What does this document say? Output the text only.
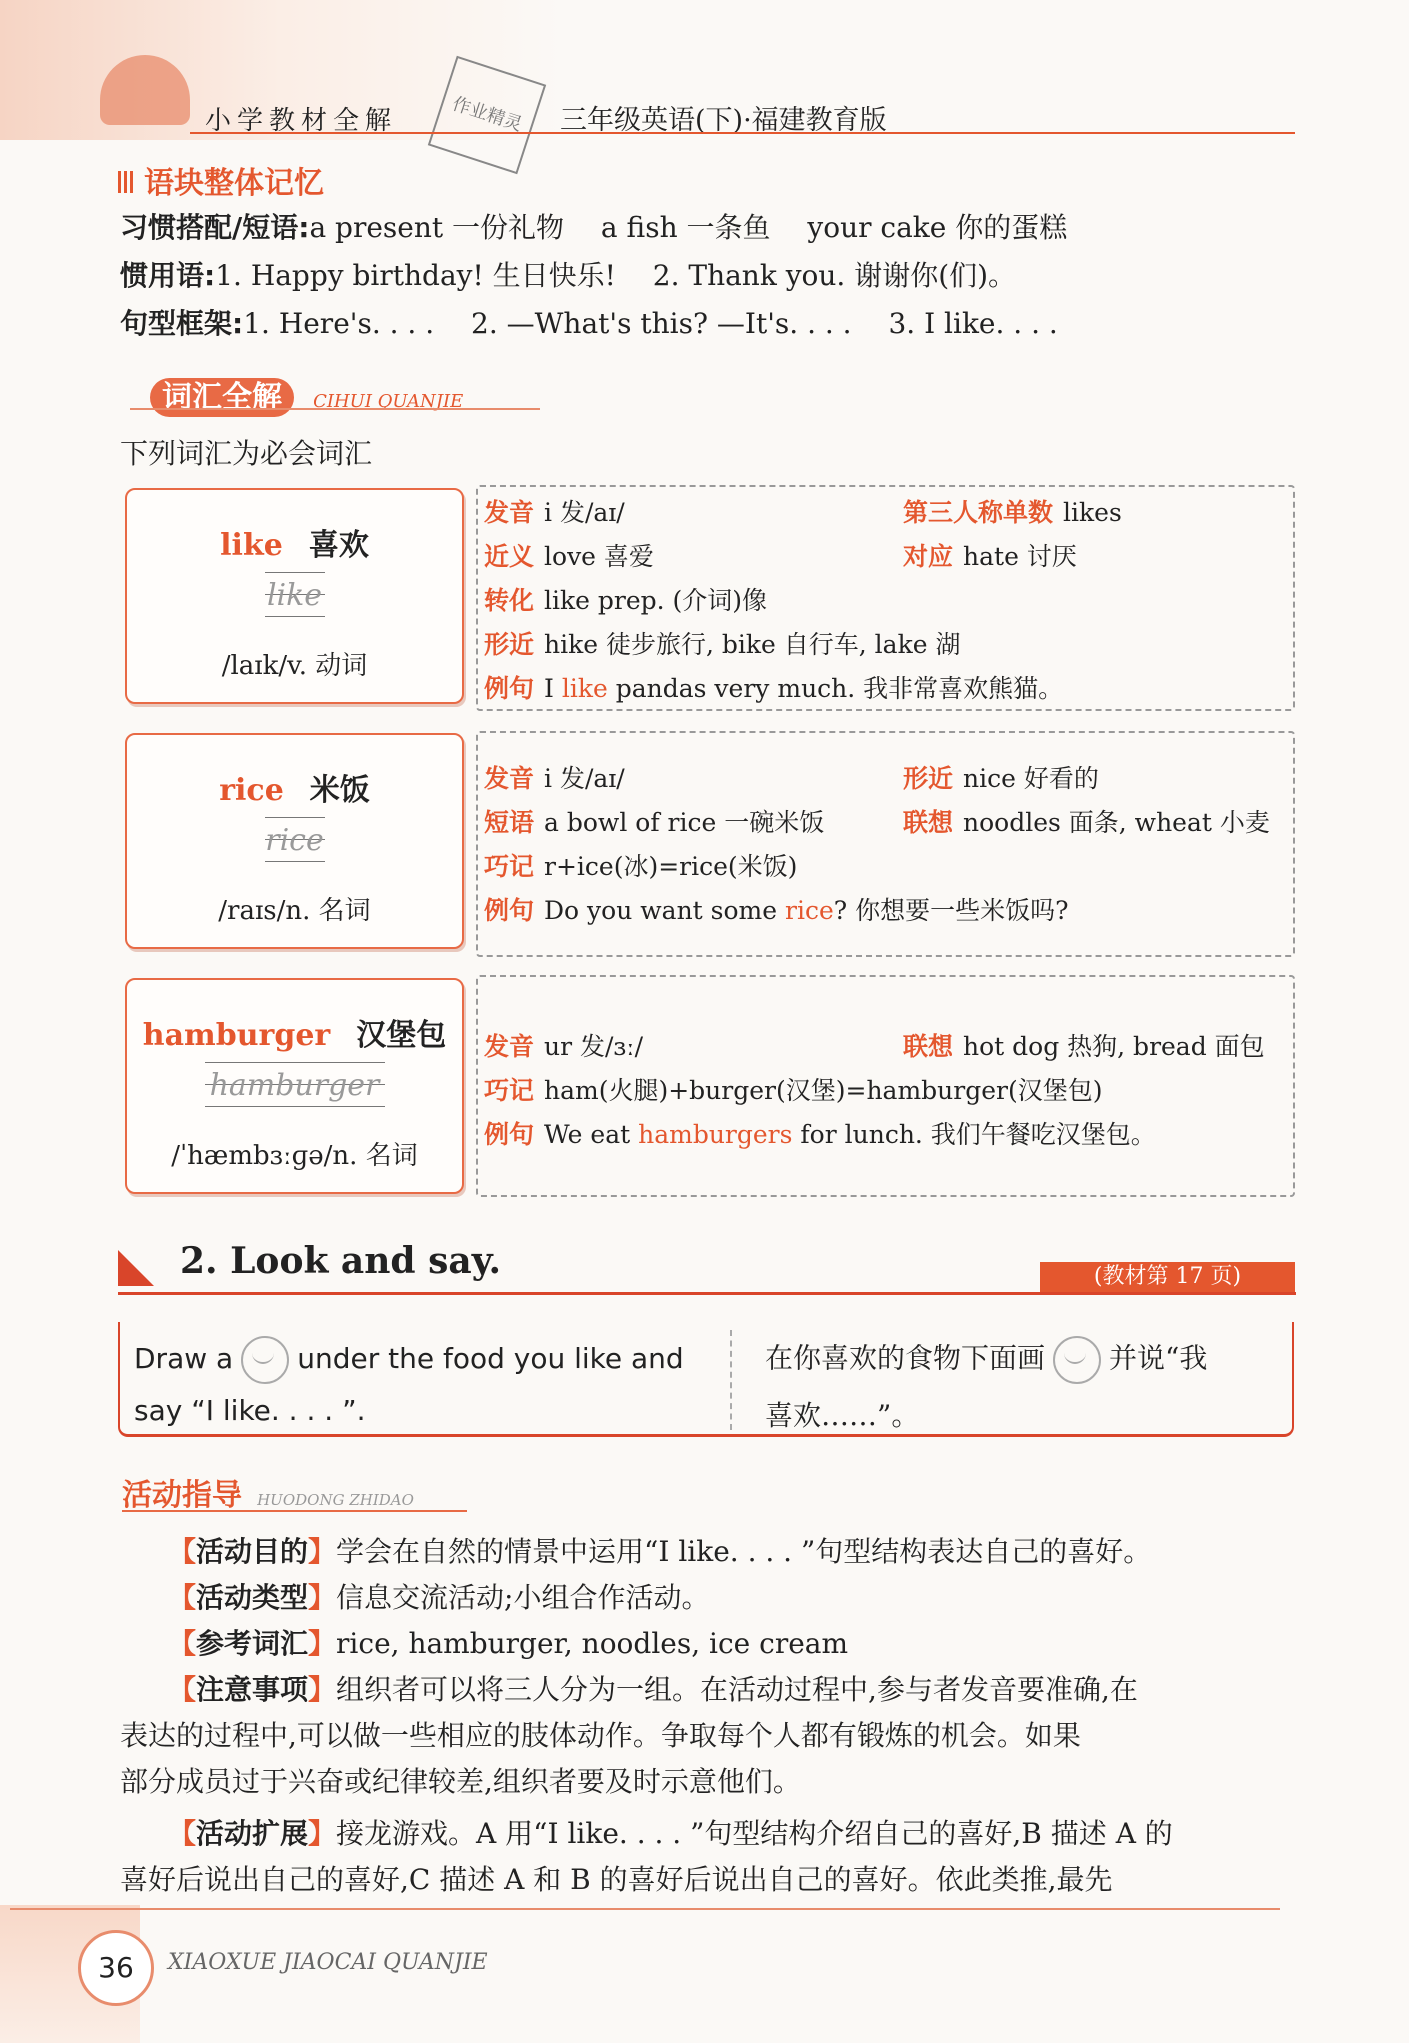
小学教材全解	作业精灵	三年级英语(下)·福建教育版
语块整体记忆
习惯搭配/短语:a present 一份礼物　 a fish 一条鱼 　your cake 你的蛋糕
惯用语:1. Happy birthday! 生日快乐!　 2. Thank you. 谢谢你(们)。
句型框架:1. Here's. . . . 　2. —What's this? —It's. . . . 　3. I like. . . .
词汇全解 CIHUI QUANJIE
下列词汇为必会词汇
like 喜欢
like
/laɪk/v. 动词
发音 i 发/aɪ/	第三人称单数 likes
近义 love 喜爱	对应 hate 讨厌
转化 like prep. (介词)像
形近 hike 徒步旅行, bike 自行车, lake 湖
例句 I like pandas very much. 我非常喜欢熊猫。
rice 米饭
rice
/raɪs/n. 名词
发音 i 发/aɪ/	形近 nice 好看的
短语 a bowl of rice 一碗米饭	联想 noodles 面条, wheat 小麦
巧记 r+ice(冰)=rice(米饭)
例句 Do you want some rice? 你想要一些米饭吗?
hamburger 汉堡包
hamburger
/ˈhæmbɜːɡə/n. 名词
发音 ur 发/ɜː/	联想 hot dog 热狗, bread 面包
巧记 ham(火腿)+burger(汉堡)=hamburger(汉堡包)
例句 We eat hamburgers for lunch. 我们午餐吃汉堡包。
2. Look and say.	(教材第 17 页)
Draw a under the food you like and
say “I like. . . . ”.
在你喜欢的食物下面画 并说“我
喜欢……”。
活动指导 HUODONG ZHIDAO
【活动目的】学会在自然的情景中运用“I like. . . . ”句型结构表达自己的喜好。
【活动类型】信息交流活动;小组合作活动。
【参考词汇】rice, hamburger, noodles, ice cream
【注意事项】组织者可以将三人分为一组。在活动过程中,参与者发音要准确,在
表达的过程中,可以做一些相应的肢体动作。争取每个人都有锻炼的机会。如果
部分成员过于兴奋或纪律较差,组织者要及时示意他们。
【活动扩展】接龙游戏。A 用“I like. . . . ”句型结构介绍自己的喜好,B 描述 A 的
喜好后说出自己的喜好,C 描述 A 和 B 的喜好后说出自己的喜好。依此类推,最先
36	XIAOXUE JIAOCAI QUANJIE
